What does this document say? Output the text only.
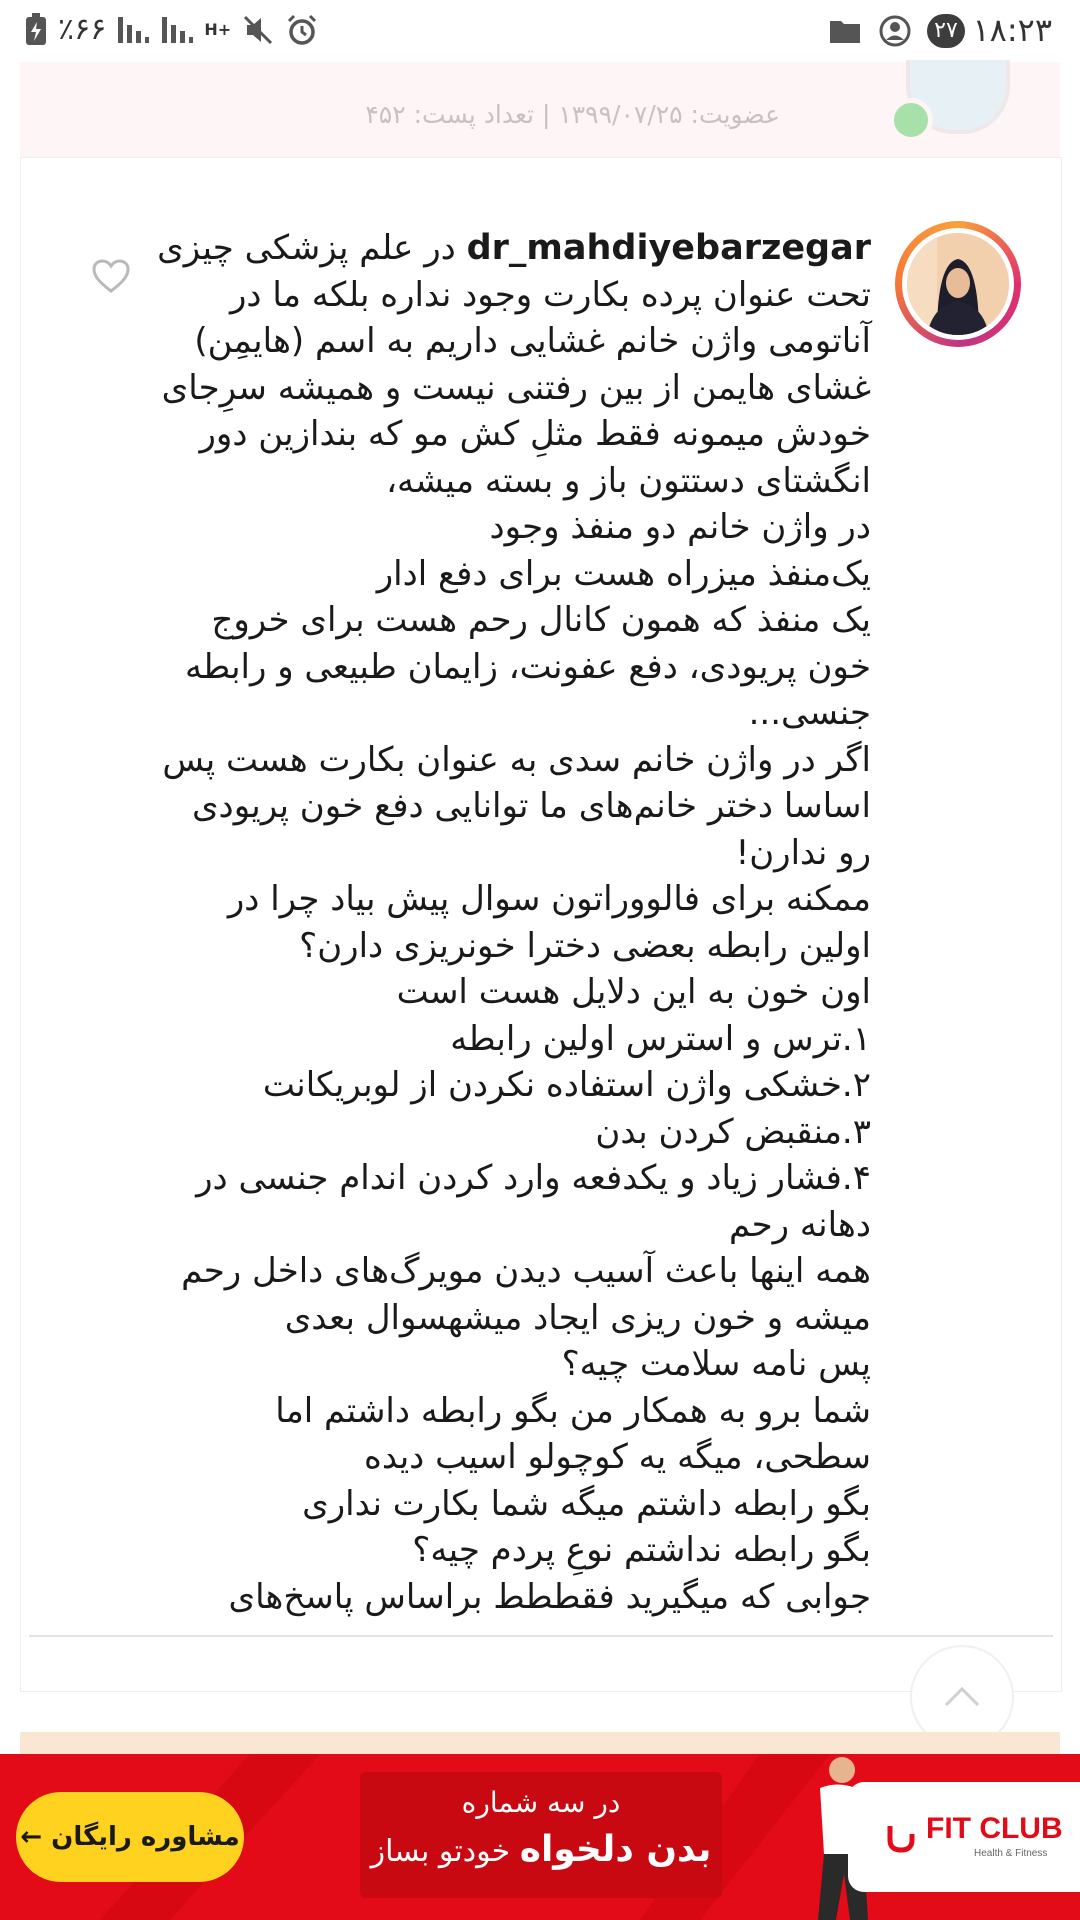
٪۶۶	H+	۲۷ ۱۸:۲۳
عضویت: ۱۳۹۹/۰۷/۲۵ | تعداد پست: ۴۵۲
dr_mahdiyebarzegar در علم پزشکی چیزی
تحت عنوان پرده بکارت وجود نداره بلکه ما در
آناتومی واژن خانم غشایی داریم به اسم (هایمِن)
غشای هایمن از بین رفتنی نیست و همیشه سرِجای
خودش میمونه فقط مثلِ کش مو که بندازین دور
انگشتای دستتون باز و بسته میشه،
در واژن خانم دو منفذ وجود
یک‌منفذ میزراه هست برای دفع ادار
یک منفذ که همون کانال رحم هست برای خروج
خون پریودی، دفع عفونت، زایمان طبیعی و رابطه
جنسی...
اگر در واژن خانم سدی به عنوان بکارت هست پس
اساسا دختر خانم‌های ما توانایی دفع خون پریودی
رو ندارن!
ممکنه برای فالووراتون سوال پیش بیاد چرا در
اولین رابطه بعضی دخترا خونریزی دارن؟
اون خون به این دلایل هست است
۱.ترس و استرس اولین رابطه
۲.خشکی واژن استفاده نکردن از لوبریکانت
۳.منقبض کردن بدن
۴.فشار زیاد و یکدفعه وارد کردن اندام جنسی در
دهانه رحم
همه اینها باعث آسیب دیدن مویرگ‌های داخل رحم
میشه و خون ریزی ایجاد میشهسوال بعدی
پس نامه سلامت چیه؟
شما برو به همکار من بگو رابطه داشتم اما
سطحی، میگه یه کوچولو اسیب دیده
بگو رابطه داشتم میگه شما بکارت نداری
بگو رابطه نداشتم نوعِ پردم چیه؟
جوابی که میگیرید فقططط براساس پاسخ‌های
مشاوره رایگان ←
در سه شماره
بدن دلخواه خودتو بساز
FIT CLUB
Health & Fitness
